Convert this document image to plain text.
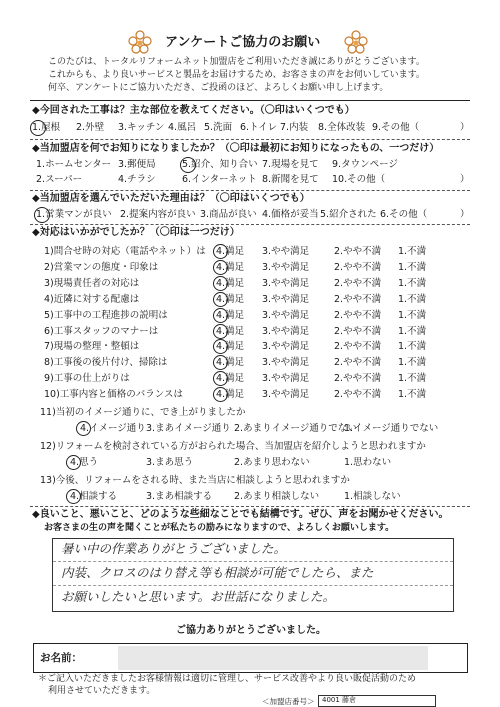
アンケートご協力のお願い
このたびは、トータルリフォームネット加盟店をご利用いただき誠にありがとうございます。
これからも、より良いサービスと製品をお届けするため、お客さまの声をお伺いしています。
何卒、アンケートにご協力いただき、ご投函のほど、よろしくお願い申し上げます。
◆今回された工事は？主な部位を教えてください。（〇印はいくつでも）
1.屋根 2.外壁 3.キッチン 4.風呂 5.洗面 6.トイレ 7.内装 8.全体改装 9.その他（	）
◆当加盟店を何でお知りになりましたか？（〇印は最初にお知りになったもの、一つだけ）
1.ホームセンター 3.郵便局	5.紹介、知り合い 7.現場を見て 9.タウンページ
2.スーパー	4.チラシ	6.インターネット 8.新聞を見て 10.その他（	）
◆当加盟店を選んでいただいた理由は？（〇印はいくつでも）
1.営業マンが良い 2.提案内容が良い 3.商品が良い 4.価格が妥当 5.紹介された 6.その他（	）
◆対応はいかがでしたか？（〇印は一つだけ）
1)問合せ時の対応（電話やネット）は 4.満足 3.やや満足	2.やや不満 1.不満
2)営業マンの態度・印象は	4.満足 3.やや満足	2.やや不満 1.不満
3)現場責任者の対応は	4.満足 3.やや満足	2.やや不満 1.不満
4)近隣に対する配慮は	4.満足 3.やや満足	2.やや不満 1.不満
5)工事中の工程進捗の説明は	4.満足 3.やや満足	2.やや不満 1.不満
6)工事スタッフのマナーは	4.満足 3.やや満足	2.やや不満 1.不満
7)現場の整理・整頓は	4.満足 3.やや満足	2.やや不満 1.不満
8)工事後の後片付け、掃除は	4.満足 3.やや満足	2.やや不満 1.不満
9)工事の仕上がりは	4.満足 3.やや満足	2.やや不満 1.不満
10)工事内容と価格のバランスは	4.満足 3.やや満足	2.やや不満 1.不満
11)当初のイメージ通りに、でき上がりましたか
4.イメージ通り 3.まあイメージ通り 2.あまりイメージ通りでない
1.イメージ通りでない
12)リフォームを検討されている方がおられた場合、当加盟店を紹介しようと思われますか
4.思う	3.まあ思う	2.あまり思わない	1.思わない
13)今後、リフォームをされる時、また当店に相談しようと思われますか
4.相談する	3.まあ相談する 2.あまり相談しない	1.相談しない
◆良いこと、悪いこと、どのような些細なことでも結構です。ぜひ、声をお聞かせください。
お客さまの生の声を聞くことが私たちの励みになりますので、よろしくお願いします。
暑い中の作業ありがとうございました。
内装、クロスのはり替え等も相談が可能でしたら、また
お願いしたいと思います。お世話になりました。
ご協力ありがとうございました。
お名前：
＊ご記入いただきましたお客様情報は適切に管理し、サービス改善やより良い販促活動のため
利用させていただきます。
＜加盟店番号＞ 4001 藤倉
